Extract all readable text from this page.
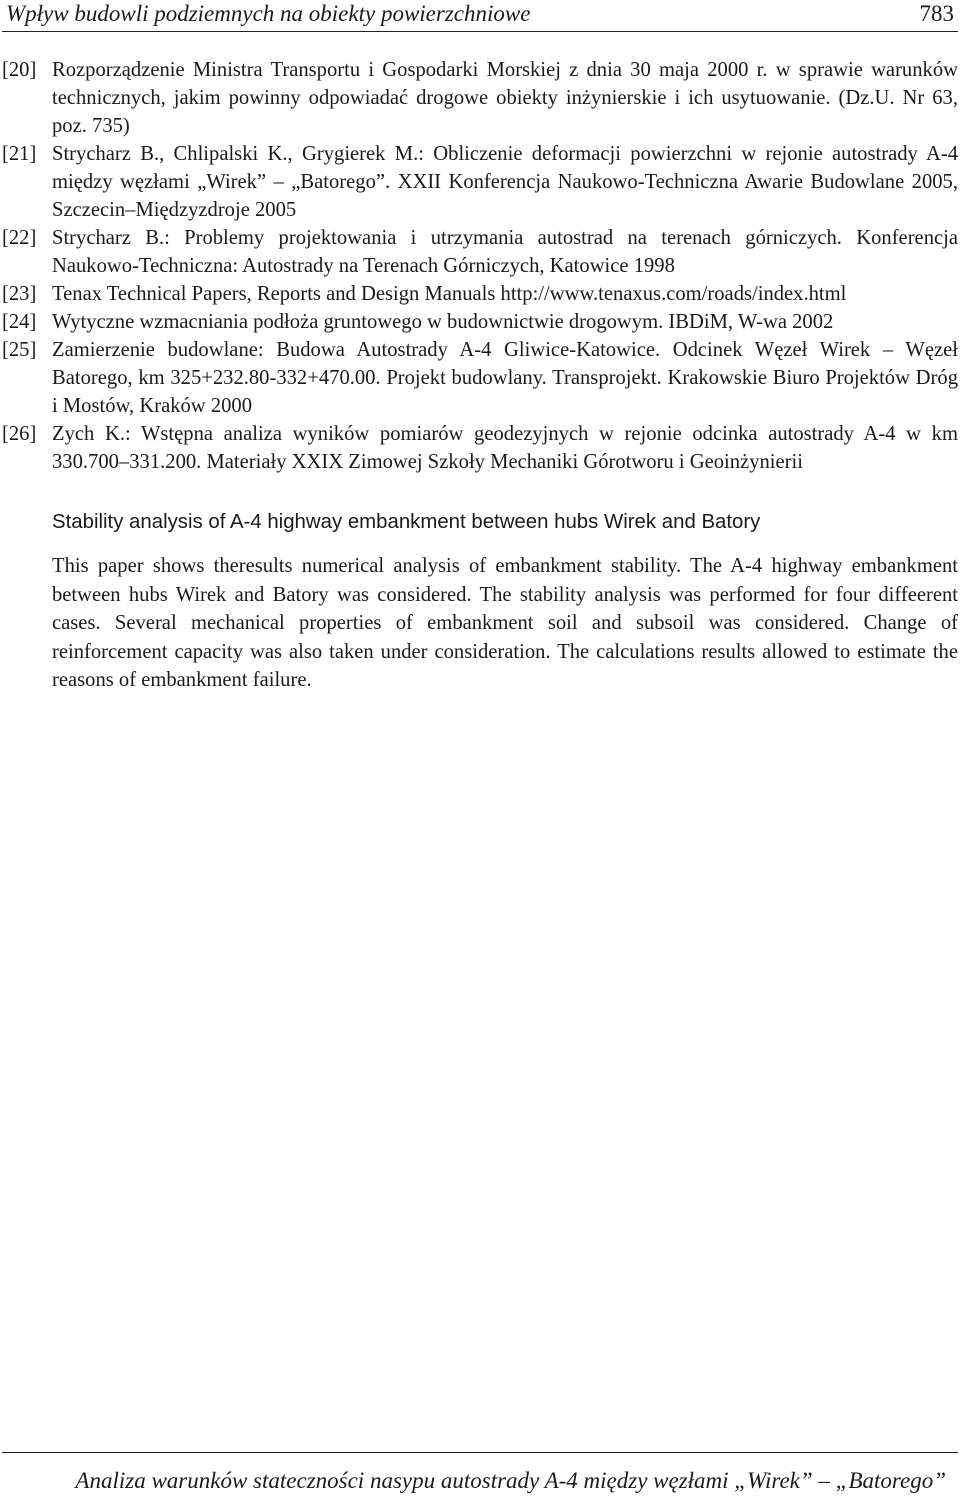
Wpływ budowli podziemnych na obiekty powierzchniowe	783

[20] Rozporządzenie Ministra Transportu i Gospodarki Morskiej z dnia 30 maja 2000 r. w sprawie warunków technicznych, jakim powinny odpowiadać drogowe obiekty inżynierskie i ich usytuowanie. (Dz.U. Nr 63, poz. 735)

[21] Strycharz B., Chlipalski K., Grygierek M.: Obliczenie deformacji powierzchni w rejonie autostrady A-4 między węzłami „Wirek” – „Batorego”. XXII Konferencja Naukowo-Techniczna Awarie Budowlane 2005, Szczecin–Międzyzdroje 2005

[22] Strycharz B.: Problemy projektowania i utrzymania autostrad na terenach górniczych. Konferencja Naukowo-Techniczna: Autostrady na Terenach Górniczych, Katowice 1998

[23] Tenax Technical Papers, Reports and Design Manuals http://www.tenaxus.com/roads/index.html

[24] Wytyczne wzmacniania podłoża gruntowego w budownictwie drogowym. IBDiM, W-wa 2002

[25] Zamierzenie budowlane: Budowa Autostrady A-4 Gliwice-Katowice. Odcinek Węzeł Wirek – Węzeł Batorego, km 325+232.80-332+470.00. Projekt budowlany. Transprojekt. Krakowskie Biuro Projektów Dróg i Mostów, Kraków 2000

[26] Zych K.: Wstępna analiza wyników pomiarów geodezyjnych w rejonie odcinka autostrady A-4 w km 330.700–331.200. Materiały XXIX Zimowej Szkoły Mechaniki Górotworu i Geoinżynierii

Stability analysis of A-4 highway embankment between hubs Wirek and Batory

This paper shows theresults numerical analysis of embankment stability. The A-4 highway embankment between hubs Wirek and Batory was considered. The stability analysis was performed for four diffeerent cases. Several mechanical properties of embankment soil and subsoil was considered. Change of reinforcement capacity was also taken under consideration. The calculations results allowed to estimate the reasons of embankment failure.

Analiza warunków stateczności nasypu autostrady A-4 między węzłami „Wirek” – „Batorego”
